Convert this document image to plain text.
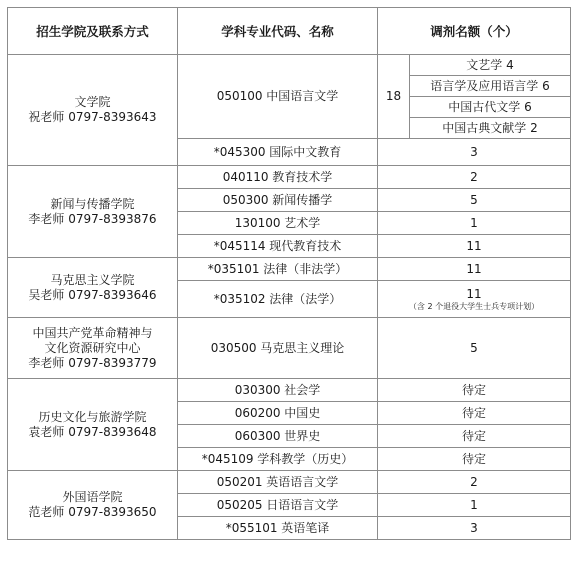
招生学院及联系方式	学科专业代码、名称	调剂名额（个）	

文学院
祝老师 0797-8393643	050100 中国语言文学	18	文艺学 4
			语言学及应用语言学 6
			中国古代文学 6
			中国古典文献学 2
	*045300 国际中文教育	3	

新闻与传播学院
李老师 0797-8393876	040110 教育技术学	2	
	050300 新闻传播学	5	
	130100 艺术学	1	
	*045114 现代教育技术	11	

马克思主义学院
吴老师 0797-8393646	*035101 法律（非法学）	11	
	*035102 法律（法学）	11
（含 2 个退役大学生士兵专项计划）	

中国共产党革命精神与
文化资源研究中心
李老师 0797-8393779	030500 马克思主义理论	5	

历史文化与旅游学院
袁老师 0797-8393648	030300 社会学	待定	
	060200 中国史	待定	
	060300 世界史	待定	
	*045109 学科教学（历史）	待定	

外国语学院
范老师 0797-8393650	050201 英语语言文学	2	
	050205 日语语言文学	1	
	*055101 英语笔译	3	
